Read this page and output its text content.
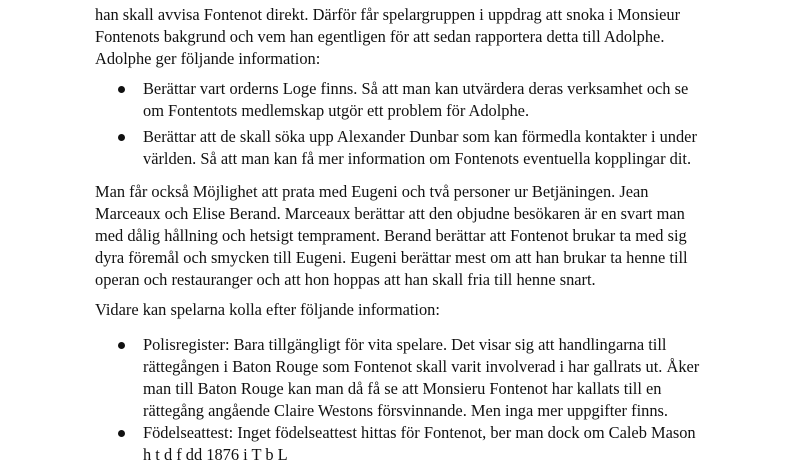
han skall avvisa Fontenot direkt. Därför får spelargruppen i uppdrag att snoka i Monsieur
Fontenots bakgrund och vem han egentligen för att sedan rapportera detta till Adolphe.
Adolphe ger följande information:

Berättar vart orderns Loge finns. Så att man kan utvärdera deras verksamhet och se
om Fontentots medlemskap utgör ett problem för Adolphe.
Berättar att de skall söka upp Alexander Dunbar som kan förmedla kontakter i under
världen. Så att man kan få mer information om Fontenots eventuella kopplingar dit.

Man får också Möjlighet att prata med Eugeni och två personer ur Betjäningen. Jean
Marceaux och Elise Berand. Marceaux berättar att den objudne besökaren är en svart man
med dålig hållning och hetsigt temprament. Berand berättar att Fontenot brukar ta med sig
dyra föremål och smycken till Eugeni. Eugeni berättar mest om att han brukar ta henne till
operan och restauranger och att hon hoppas att han skall fria till henne snart.

Vidare kan spelarna kolla efter följande information:

Polisregister: Bara tillgängligt för vita spelare. Det visar sig att handlingarna till
rättegången i Baton Rouge som Fontenot skall varit involverad i har gallrats ut. Åker
man till Baton Rouge kan man då få se att Monsieru Fontenot har kallats till en
rättegång angående Claire Westons försvinnande. Men inga mer uppgifter finns.
Födelseattest: Inget födelseattest hittas för Fontenot, ber man dock om Caleb Mason
h t d f dd 1876 i T b L
